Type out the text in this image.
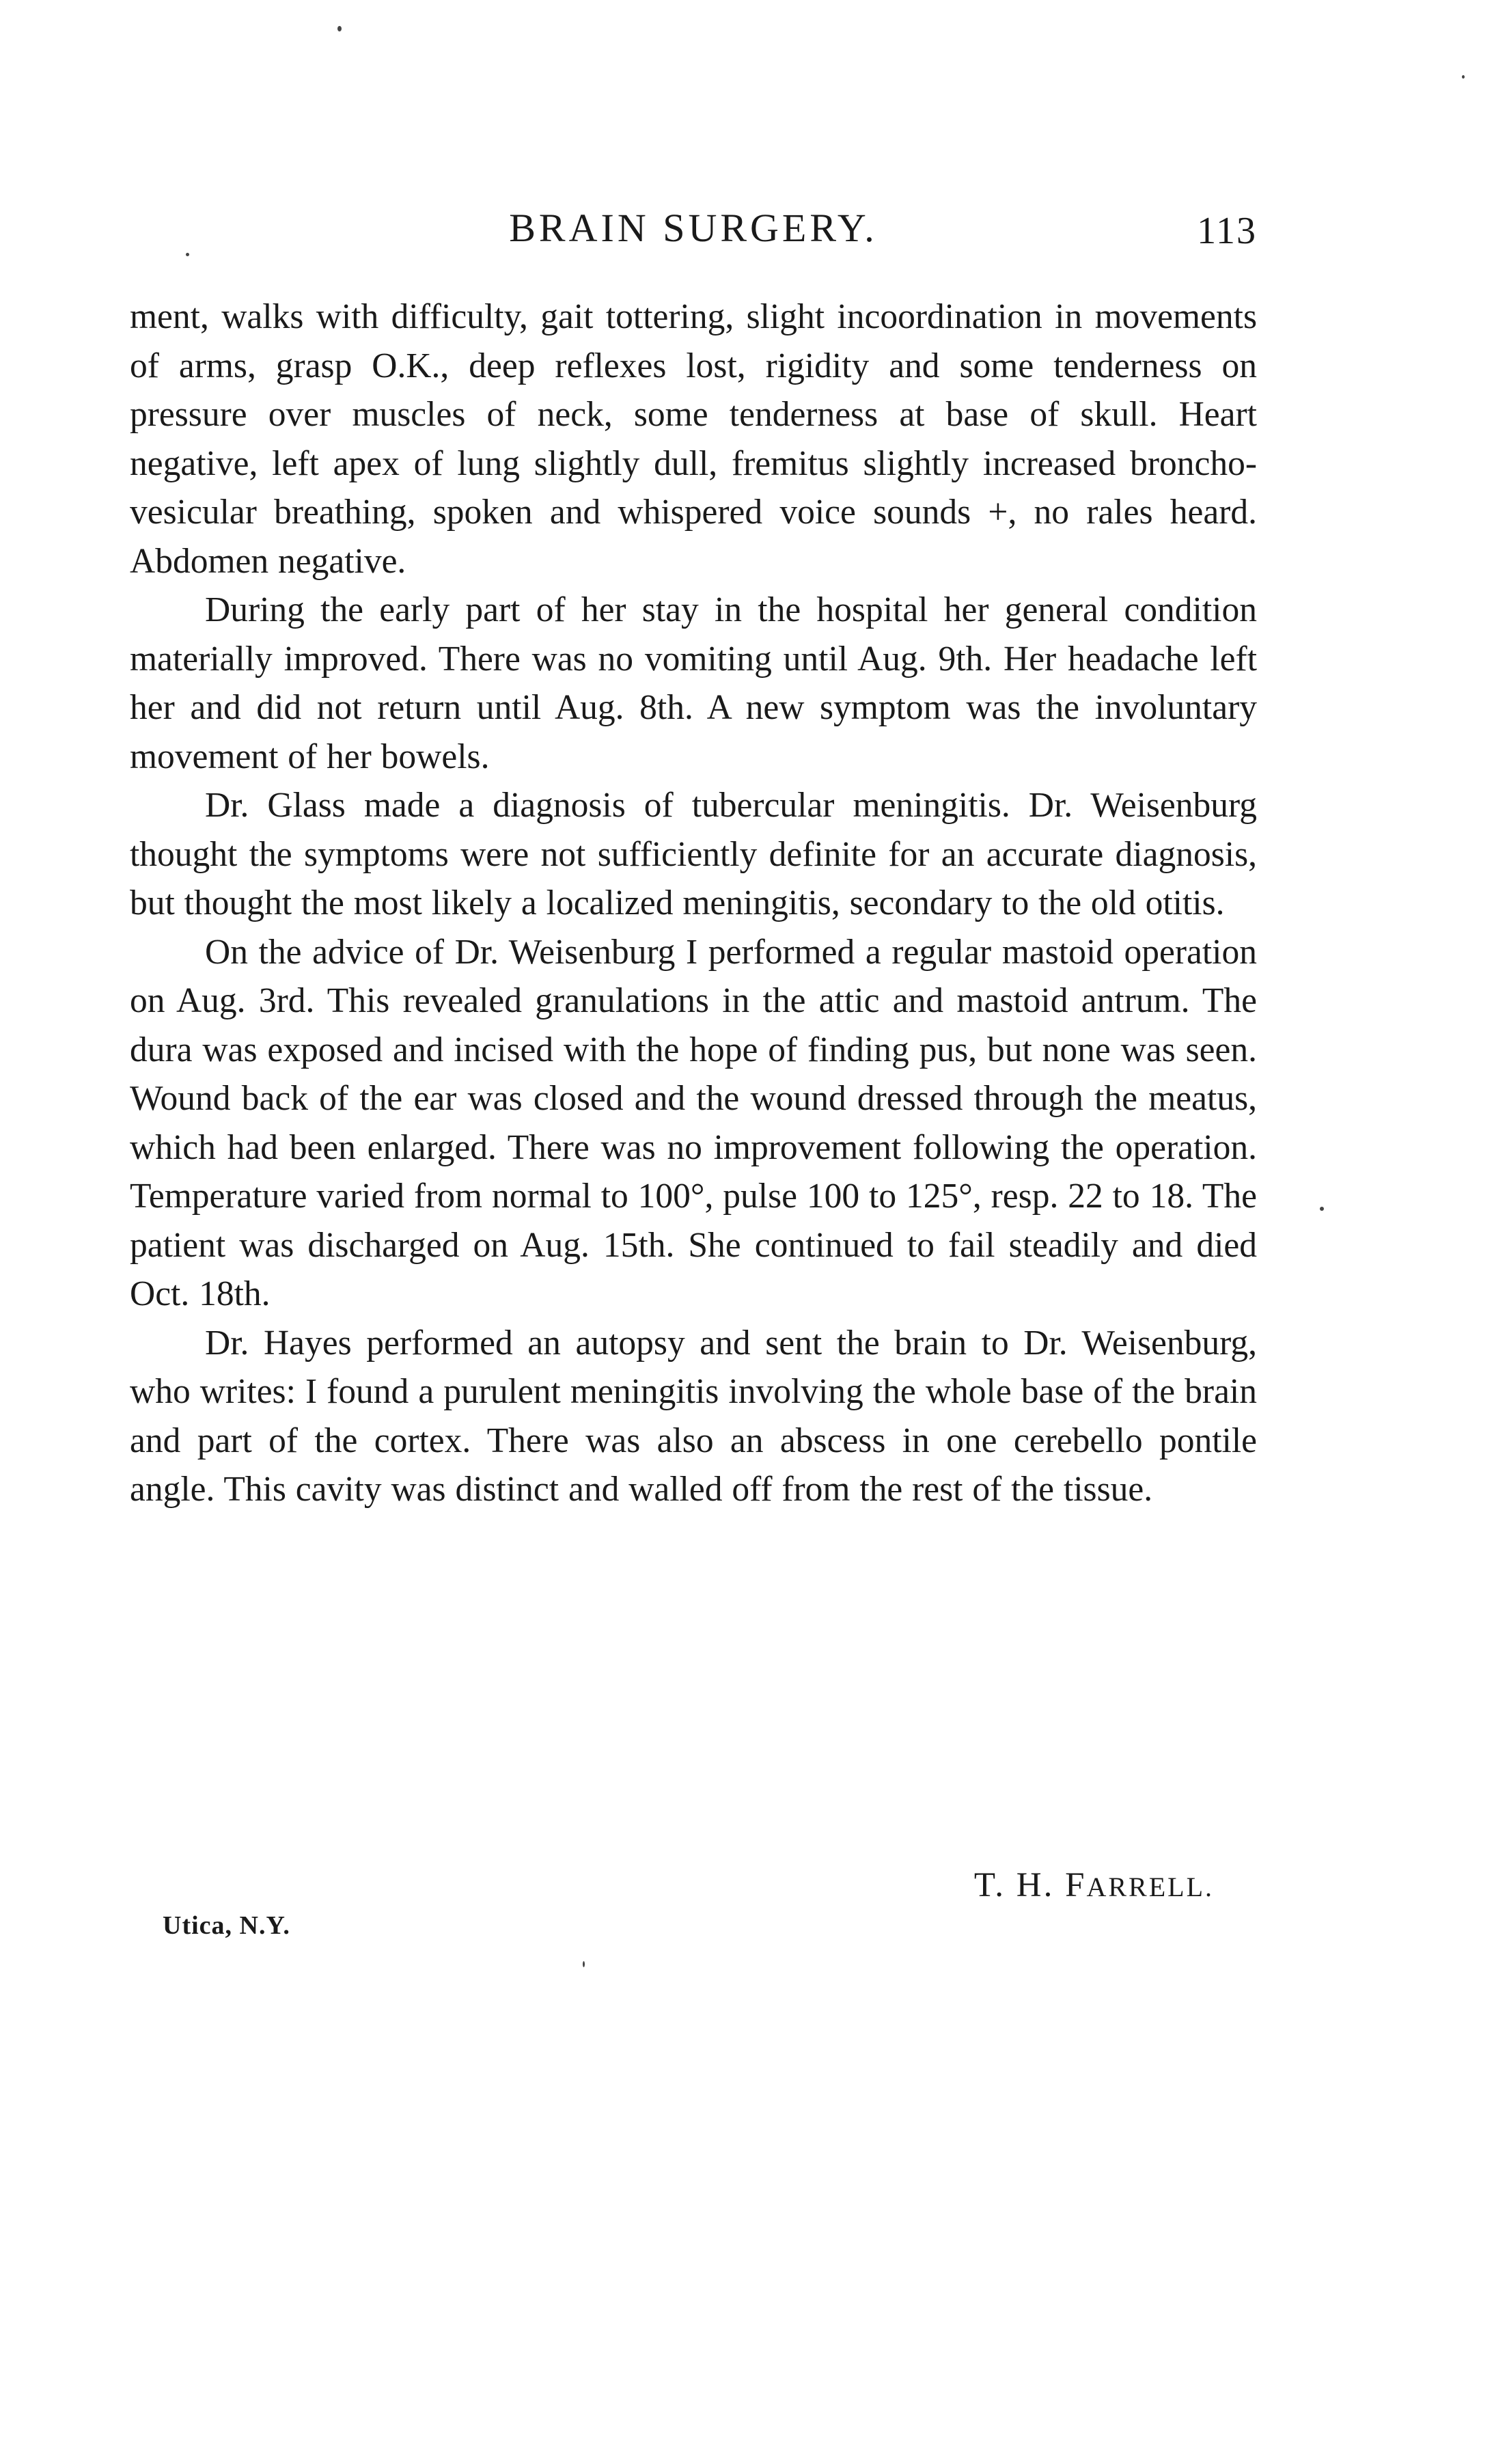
BRAIN SURGERY.	113

ment, walks with difficulty, gait tottering, slight incoordination in movements of arms, grasp O.K., deep reflexes lost, rigidity and some tenderness on pressure over muscles of neck, some tenderness at base of skull. Heart negative, left apex of lung slightly dull, fremitus slightly increased broncho-vesicular breathing, spoken and whispered voice sounds +, no rales heard. Abdomen negative.

During the early part of her stay in the hospital her general condition materially improved. There was no vomiting until Aug. 9th. Her headache left her and did not return until Aug. 8th. A new symptom was the involuntary movement of her bowels.

Dr. Glass made a diagnosis of tubercular meningitis. Dr. Weisenburg thought the symptoms were not sufficiently definite for an accurate diagnosis, but thought the most likely a localized meningitis, secondary to the old otitis.

On the advice of Dr. Weisenburg I performed a regular mastoid operation on Aug. 3rd. This revealed granulations in the attic and mastoid antrum. The dura was exposed and incised with the hope of finding pus, but none was seen. Wound back of the ear was closed and the wound dressed through the meatus, which had been enlarged. There was no improvement following the operation. Temperature varied from normal to 100°, pulse 100 to 125°, resp. 22 to 18. The patient was discharged on Aug. 15th. She continued to fail steadily and died Oct. 18th.

Dr. Hayes performed an autopsy and sent the brain to Dr. Weisenburg, who writes: I found a purulent meningitis involving the whole base of the brain and part of the cortex. There was also an abscess in one cerebello pontile angle. This cavity was distinct and walled off from the rest of the tissue.

T. H. FARRELL.
Utica, N.Y.
